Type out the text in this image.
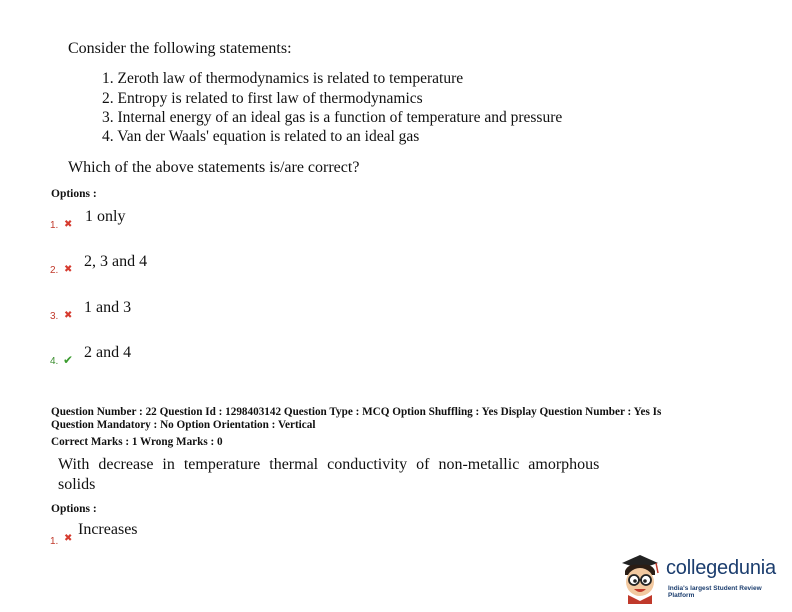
Consider the following statements:
1. Zeroth law of thermodynamics is related to temperature
2. Entropy is related to first law of thermodynamics
3. Internal energy of an ideal gas is a function of temperature and pressure
4. Van der Waals' equation is related to an ideal gas
Which of the above statements is/are correct?
Options :
1. ✖ 1 only
2. ✖ 2, 3 and 4
3. ✖ 1 and 3
4. ✔ 2 and 4
Question Number : 22 Question Id : 1298403142 Question Type : MCQ Option Shuffling : Yes Display Question Number : Yes Is
Question Mandatory : No Option Orientation : Vertical
Correct Marks : 1 Wrong Marks : 0
With decrease in temperature thermal conductivity of non-metallic amorphous solids
Options :
1. ✖
Increases
collegedunia
India's largest Student Review Platform
